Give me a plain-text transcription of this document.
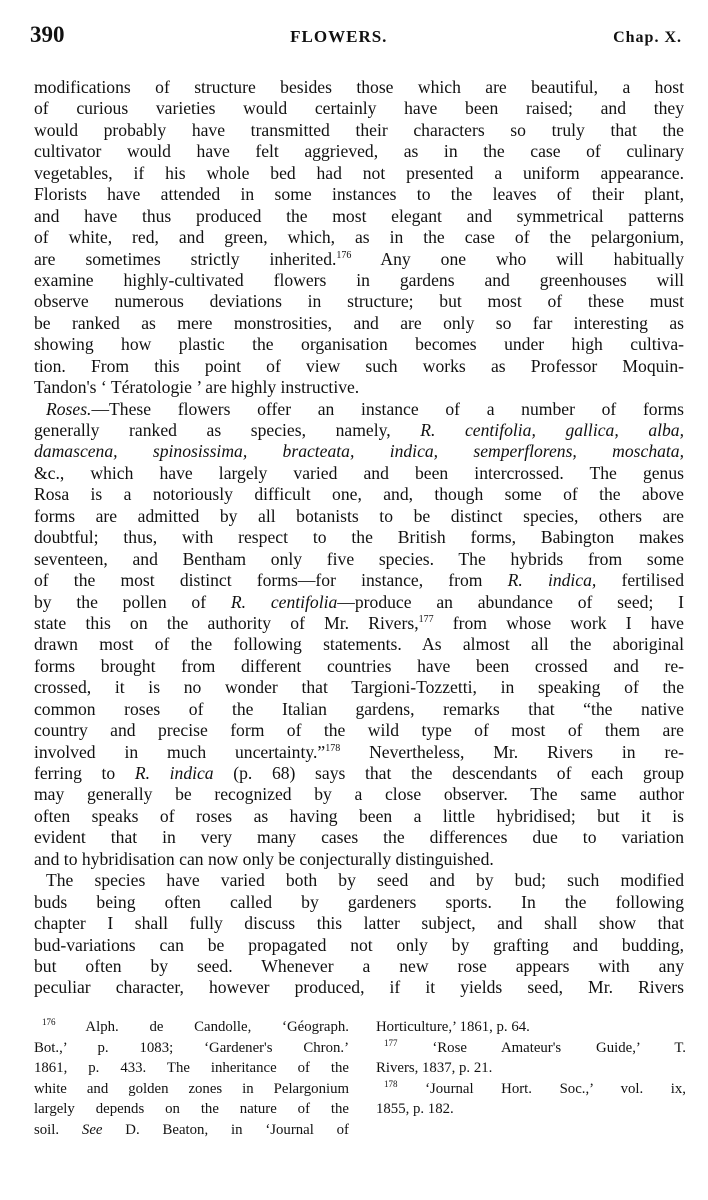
390	FLOWERS.	Chap. X.
modifications of structure besides those which are beautiful, a host
of curious varieties would certainly have been raised; and they
would probably have transmitted their characters so truly that the
cultivator would have felt aggrieved, as in the case of culinary
vegetables, if his whole bed had not presented a uniform appearance.
Florists have attended in some instances to the leaves of their plant,
and have thus produced the most elegant and symmetrical patterns
of white, red, and green, which, as in the case of the pelargonium,
are sometimes strictly inherited.$^{176}$ Any one who will habitually
examine highly-cultivated flowers in gardens and greenhouses will
observe numerous deviations in structure; but most of these must
be ranked as mere monstrosities, and are only so far interesting as
showing how plastic the organisation becomes under high cultiva-
tion. From this point of view such works as Professor Moquin-
Tandon's ‘ Tératologie ’ are highly instructive.
Roses.—These flowers offer an instance of a number of forms
generally ranked as species, namely, R. centifolia, gallica, alba,
damascena, spinosissima, bracteata, indica, semperflorens, moschata,
&c., which have largely varied and been intercrossed. The genus
Rosa is a notoriously difficult one, and, though some of the above
forms are admitted by all botanists to be distinct species, others are
doubtful; thus, with respect to the British forms, Babington makes
seventeen, and Bentham only five species. The hybrids from some
of the most distinct forms—for instance, from R. indica, fertilised
by the pollen of R. centifolia—produce an abundance of seed; I
state this on the authority of Mr. Rivers,$^{177}$ from whose work I have
drawn most of the following statements. As almost all the aboriginal
forms brought from different countries have been crossed and re-
crossed, it is no wonder that Targioni-Tozzetti, in speaking of the
common roses of the Italian gardens, remarks that “the native
country and precise form of the wild type of most of them are
involved in much uncertainty.”$^{178}$ Nevertheless, Mr. Rivers in re-
ferring to R. indica (p. 68) says that the descendants of each group
may generally be recognized by a close observer. The same author
often speaks of roses as having been a little hybridised; but it is
evident that in very many cases the differences due to variation
and to hybridisation can now only be conjecturally distinguished.
The species have varied both by seed and by bud; such modified
buds being often called by gardeners sports. In the following
chapter I shall fully discuss this latter subject, and shall show that
bud-variations can be propagated not only by grafting and budding,
but often by seed. Whenever a new rose appears with any
peculiar character, however produced, if it yields seed, Mr. Rivers
$^{176}$ Alph. de Candolle, ‘Géograph.
Bot.,’ p. 1083; ‘Gardener's Chron.’
1861, p. 433. The inheritance of the
white and golden zones in Pelargonium
largely depends on the nature of the
soil. See D. Beaton, in ‘Journal of
Horticulture,’ 1861, p. 64.
$^{177}$ ‘Rose Amateur's Guide,’ T.
Rivers, 1837, p. 21.
$^{178}$ ‘Journal Hort. Soc.,’ vol. ix,
1855, p. 182.
